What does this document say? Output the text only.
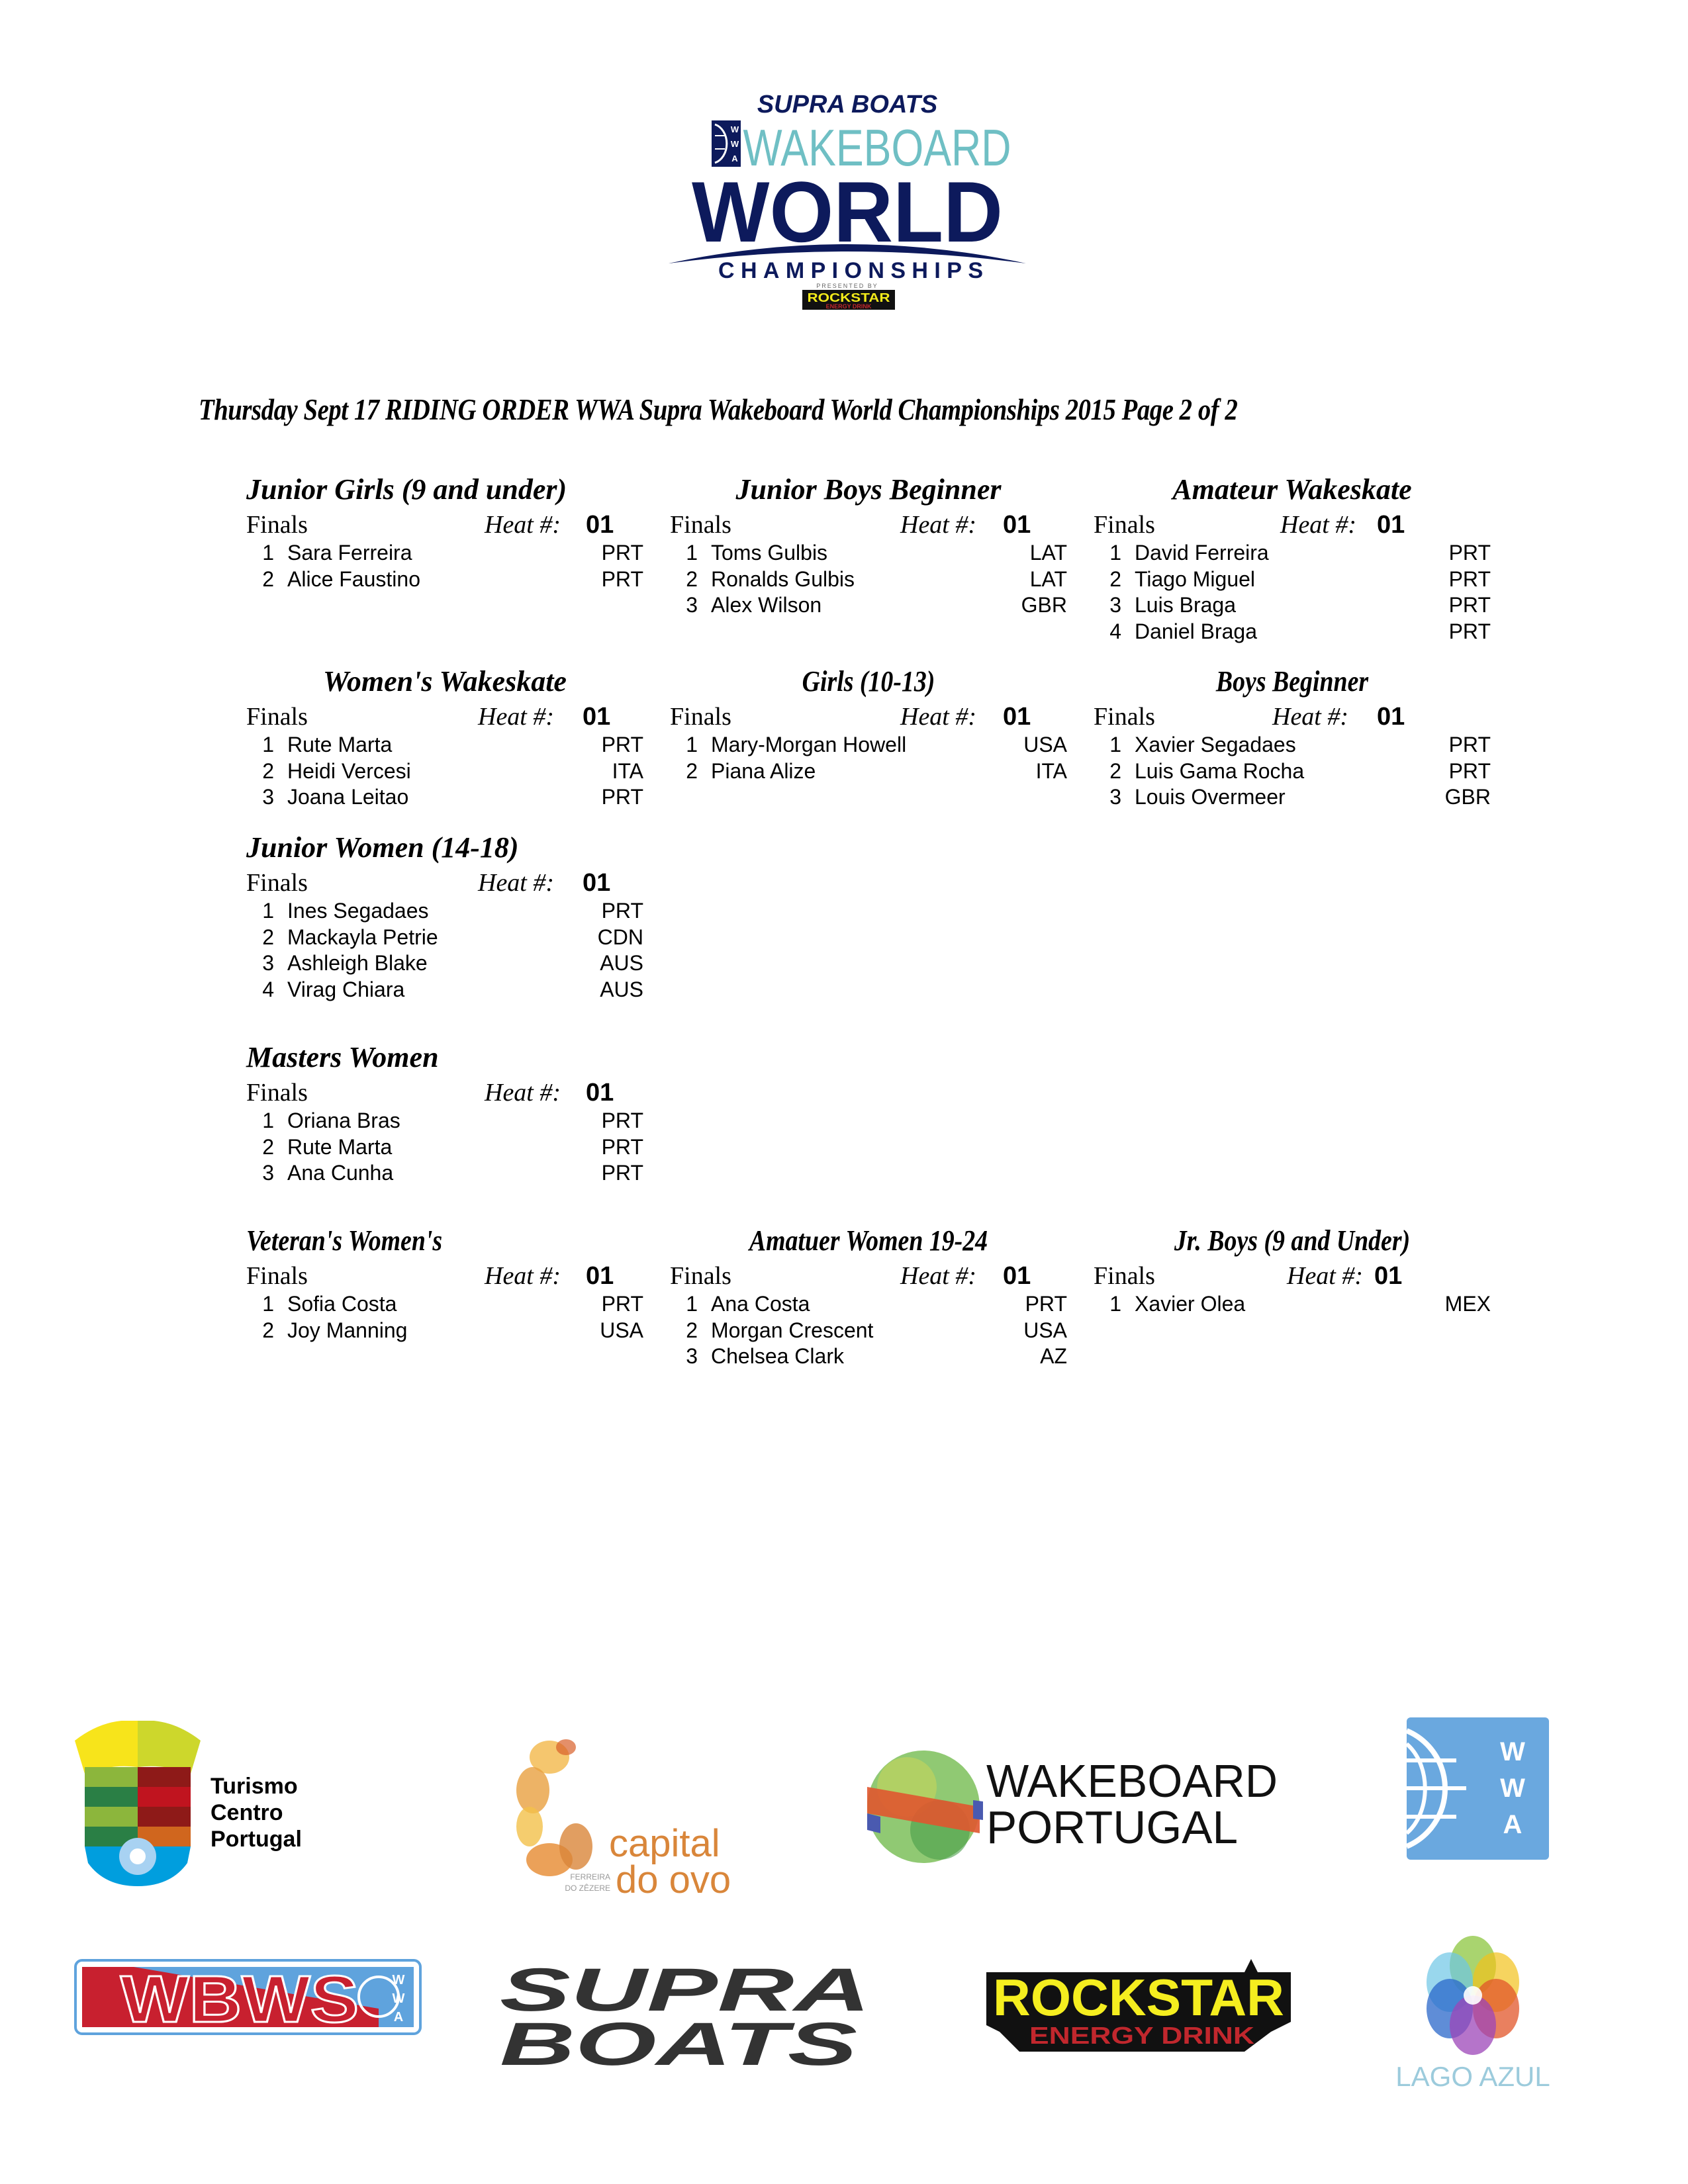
SUPRA BOATS
W
W
A WAKEBOARD
WORLD
CHAMPIONSHIPS
PRESENTED BY
ROCKSTAR
ENERGY DRINK
Thursday Sept 17 RIDING ORDER WWA Supra Wakeboard World Championships 2015 Page 2 of 2
Junior Girls (9 and under)
Finals	Heat #: 01
1 Sara Ferreira	PRT
2 Alice Faustino	PRT
Junior Boys Beginner
Finals	Heat #: 01
1 Toms Gulbis	LAT
2 Ronalds Gulbis	LAT
3 Alex Wilson	GBR
Amateur Wakeskate
Finals	Heat #: 01
1 David Ferreira	PRT
2 Tiago Miguel	PRT
3 Luis Braga	PRT
4 Daniel Braga	PRT
Women's Wakeskate
Finals	Heat #: 01
1 Rute Marta	PRT
2 Heidi Vercesi	ITA
3 Joana Leitao	PRT
Girls (10-13)
Finals	Heat #: 01
1 Mary-Morgan Howell	USA
2 Piana Alize	ITA
Boys Beginner
Finals	Heat #: 01
1 Xavier Segadaes	PRT
2 Luis Gama Rocha	PRT
3 Louis Overmeer	GBR
Junior Women (14-18)
Finals	Heat #: 01
1 Ines Segadaes	PRT
2 Mackayla Petrie	CDN
3 Ashleigh Blake	AUS
4 Virag Chiara	AUS
Masters Women
Finals	Heat #: 01
1 Oriana Bras	PRT
2 Rute Marta	PRT
3 Ana Cunha	PRT
Veteran's Women's
Finals	Heat #: 01
1 Sofia Costa	PRT
2 Joy Manning	USA
Amatuer Women 19-24
Finals	Heat #: 01
1 Ana Costa	PRT
2 Morgan Crescent	USA
3 Chelsea Clark	AZ
Jr. Boys (9 and Under)
Finals	Heat #: 01
1 Xavier Olea	MEX
Turismo
Centro
Portugal	capital
do ovo
FERREIRA
DO ZÊZERE
WAKEBOARD
PORTUGAL
W
W
A
WBWS	W
W
A SUPRA
BOATS
ROCKSTAR
ENERGY DRINK
LAGO AZUL
